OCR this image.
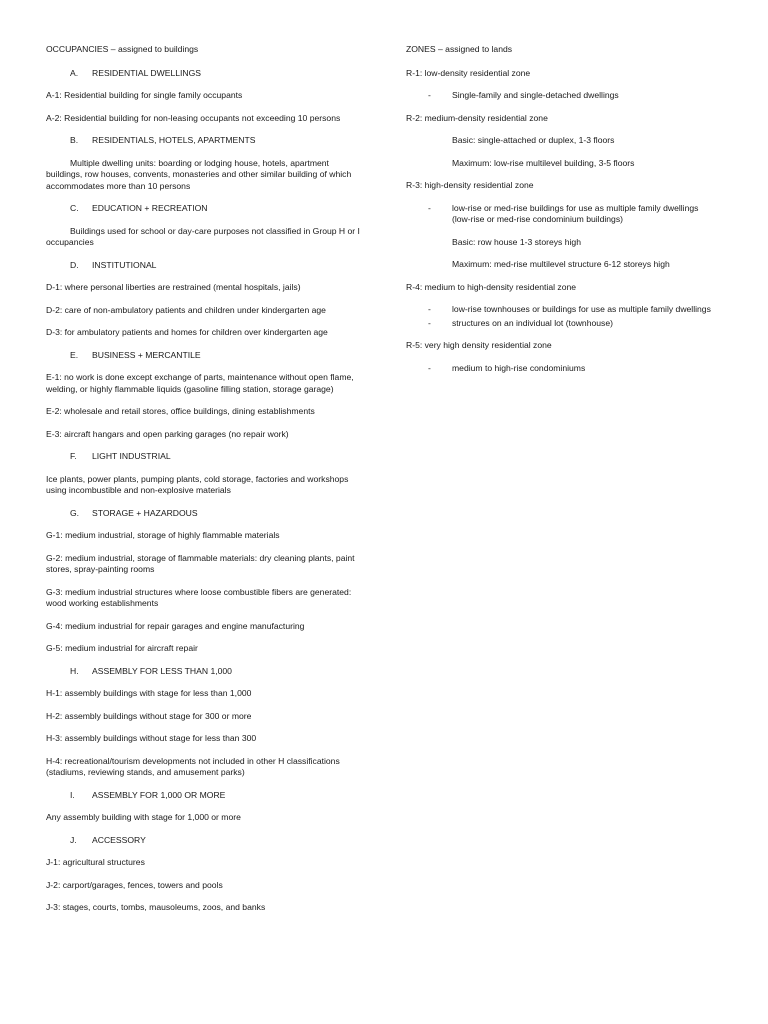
OCCUPANCIES – assigned to buildings
A.	RESIDENTIAL DWELLINGS
A-1: Residential building for single family occupants
A-2: Residential building for non-leasing occupants not exceeding 10 persons
B.	RESIDENTIALS, HOTELS, APARTMENTS
Multiple dwelling units: boarding or lodging house, hotels, apartment buildings, row houses, convents, monasteries and other similar building of which accommodates more than 10 persons
C.	EDUCATION + RECREATION
Buildings used for school or day-care purposes not classified in Group H or I occupancies
D.	INSTITUTIONAL
D-1: where personal liberties are restrained (mental hospitals, jails)
D-2: care of non-ambulatory patients and children under kindergarten age
D-3: for ambulatory patients and homes for children over kindergarten age
E.	BUSINESS + MERCANTILE
E-1: no work is done except exchange of parts, maintenance without open flame, welding, or highly flammable liquids (gasoline filling station, storage garage)
E-2: wholesale and retail stores, office buildings, dining establishments
E-3: aircraft hangars and open parking garages (no repair work)
F.	LIGHT INDUSTRIAL
Ice plants, power plants, pumping plants, cold storage, factories and workshops using incombustible and non-explosive materials
G.	STORAGE + HAZARDOUS
G-1: medium industrial, storage of highly flammable materials
G-2: medium industrial, storage of flammable materials: dry cleaning plants, paint stores, spray-painting rooms
G-3: medium industrial structures where loose combustible fibers are generated: wood working establishments
G-4: medium industrial for repair garages and engine manufacturing
G-5: medium industrial for aircraft repair
H.	ASSEMBLY FOR LESS THAN 1,000
H-1: assembly buildings with stage for less than 1,000
H-2: assembly buildings without stage for 300 or more
H-3: assembly buildings without stage for less than 300
H-4: recreational/tourism developments not included in other H classifications (stadiums, reviewing stands, and amusement parks)
I.	ASSEMBLY FOR 1,000 OR MORE
Any assembly building with stage for 1,000 or more
J.	ACCESSORY
J-1: agricultural structures
J-2: carport/garages, fences, towers and pools
J-3: stages, courts, tombs, mausoleums, zoos, and banks
ZONES – assigned to lands
R-1: low-density residential zone
-	Single-family and single-detached dwellings
R-2: medium-density residential zone
Basic: single-attached or duplex, 1-3 floors
Maximum: low-rise multilevel building, 3-5 floors
R-3: high-density residential zone
-	low-rise or med-rise buildings for use as multiple family dwellings (low-rise or med-rise condominium buildings)
Basic: row house 1-3 storeys high
Maximum: med-rise multilevel structure 6-12 storeys high
R-4: medium to high-density residential zone
-	low-rise townhouses or buildings for use as multiple family dwellings
-	structures on an individual lot (townhouse)
R-5: very high density residential zone
-	medium to high-rise condominiums
